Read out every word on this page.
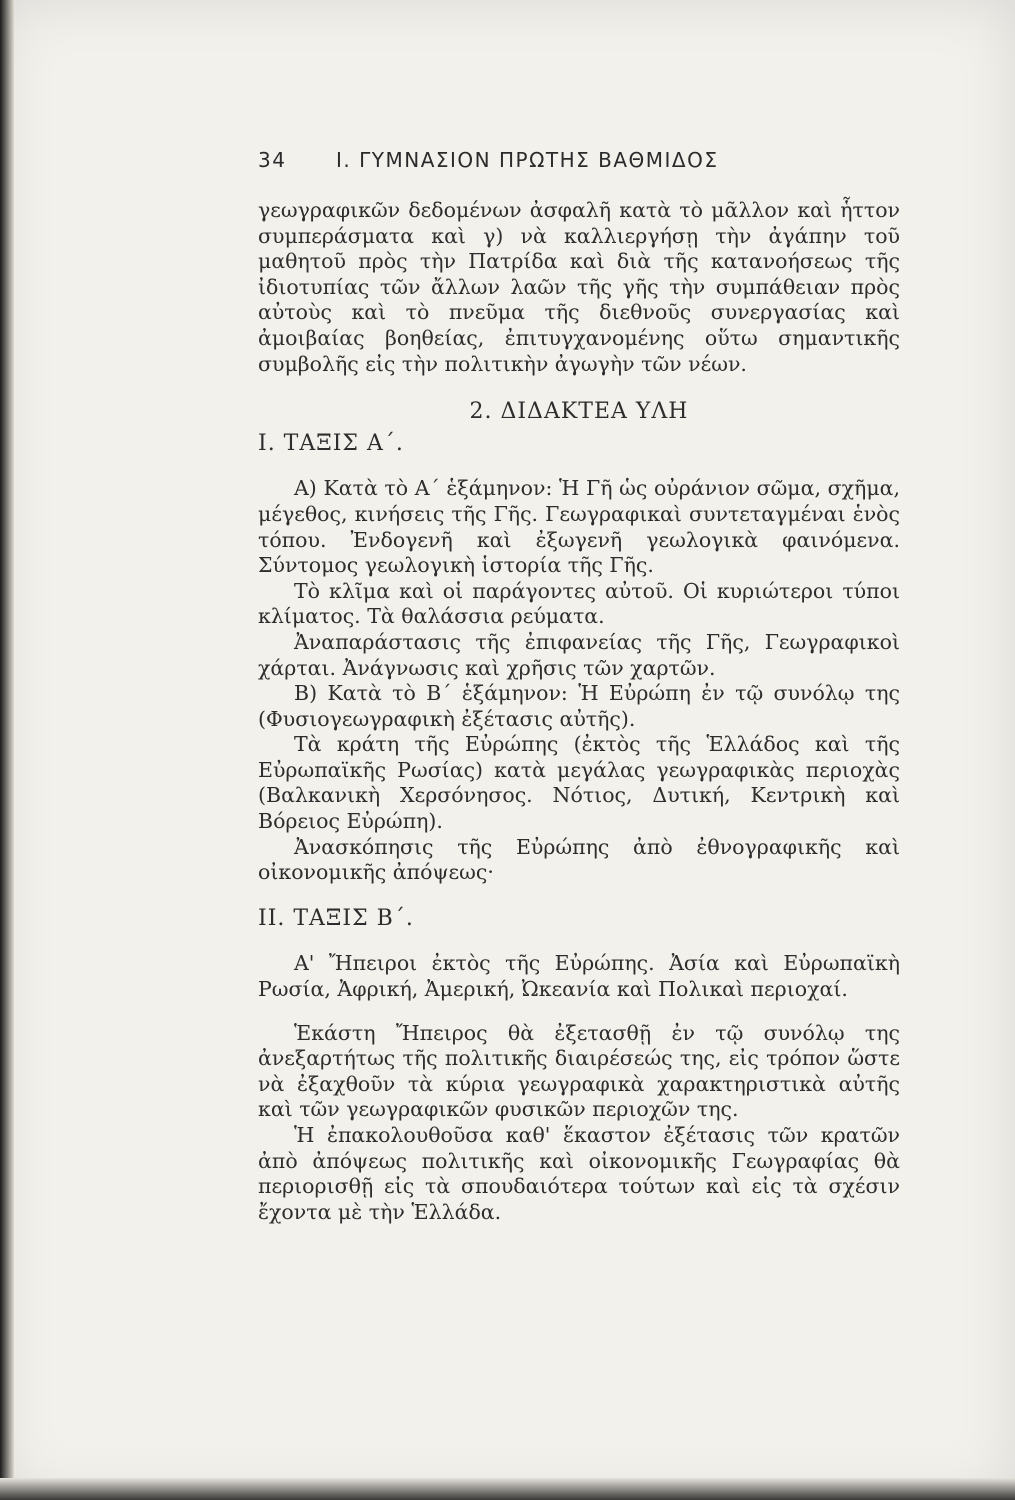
34 Ι. ΓΥΜΝΑΣΙΟΝ ΠΡΩΤΗΣ ΒΑΘΜΙΔΟΣ

γεωγραφικῶν δεδομένων ἀσφαλῆ κατὰ τὸ μᾶλλον καὶ ἧττον συμπεράσματα καὶ γ) νὰ καλλιεργήσῃ τὴν ἀγάπην τοῦ μαθητοῦ πρὸς τὴν Πατρίδα καὶ διὰ τῆς κατανοήσεως τῆς ἰδιοτυπίας τῶν ἄλλων λαῶν τῆς γῆς τὴν συμπάθειαν πρὸς αὐτοὺς καὶ τὸ πνεῦμα τῆς διεθνοῦς συνεργασίας καὶ ἀμοιβαίας βοηθείας, ἐπιτυγχανομένης οὕτω σημαντικῆς συμβολῆς εἰς τὴν πολιτικὴν ἀγωγὴν τῶν νέων.

2. ΔΙΔΑΚΤΕΑ ΥΛΗ

Ι. ΤΑΞΙΣ Α΄.

Α) Κατὰ τὸ Α΄ ἑξάμηνον: Ἡ Γῆ ὡς οὐράνιον σῶμα, σχῆμα, μέγεθος, κινήσεις τῆς Γῆς. Γεωγραφικαὶ συντεταγμέναι ἑνὸς τόπου. Ἐνδογενῆ καὶ ἐξωγενῆ γεωλογικὰ φαινόμενα. Σύντομος γεωλογικὴ ἱστορία τῆς Γῆς.

Τὸ κλῖμα καὶ οἱ παράγοντες αὐτοῦ. Οἱ κυριώτεροι τύποι κλίματος. Τὰ θαλάσσια ρεύματα.

Ἀναπαράστασις τῆς ἐπιφανείας τῆς Γῆς, Γεωγραφικοὶ χάρται. Ἀνάγνωσις καὶ χρῆσις τῶν χαρτῶν.

Β) Κατὰ τὸ Β΄ ἑξάμηνον: Ἡ Εὐρώπη ἐν τῷ συνόλῳ της (Φυσιογεωγραφικὴ ἐξέτασις αὐτῆς).

Τὰ κράτη τῆς Εὐρώπης (ἐκτὸς τῆς Ἑλλάδος καὶ τῆς Εὐρωπαϊκῆς Ρωσίας) κατὰ μεγάλας γεωγραφικὰς περιοχὰς (Βαλκανικὴ Χερσόνησος. Νότιος, Δυτική, Κεντρικὴ καὶ Βόρειος Εὐρώπη).

Ἀνασκόπησις τῆς Εὐρώπης ἀπὸ ἐθνογραφικῆς καὶ οἰκονομικῆς ἀπόψεως·

ΙΙ. ΤΑΞΙΣ Β΄.

Α' Ἤπειροι ἐκτὸς τῆς Εὐρώπης. Ἀσία καὶ Εὐρωπαϊκὴ Ρωσία, Ἀφρική, Ἀμερική, Ὠκεανία καὶ Πολικαὶ περιοχαί.

Ἑκάστη Ἤπειρος θὰ ἐξετασθῇ ἐν τῷ συνόλῳ της ἀνεξαρτήτως τῆς πολιτικῆς διαιρέσεώς της, εἰς τρόπον ὥστε νὰ ἐξαχθοῦν τὰ κύρια γεωγραφικὰ χαρακτηριστικὰ αὐτῆς καὶ τῶν γεωγραφικῶν φυσικῶν περιοχῶν της.

Ἡ ἐπακολουθοῦσα καθ' ἕκαστον ἐξέτασις τῶν κρατῶν ἀπὸ ἀπόψεως πολιτικῆς καὶ οἰκονομικῆς Γεωγραφίας θὰ περιορισθῇ εἰς τὰ σπουδαιότερα τούτων καὶ εἰς τὰ σχέσιν ἔχοντα μὲ τὴν Ἑλλάδα.
